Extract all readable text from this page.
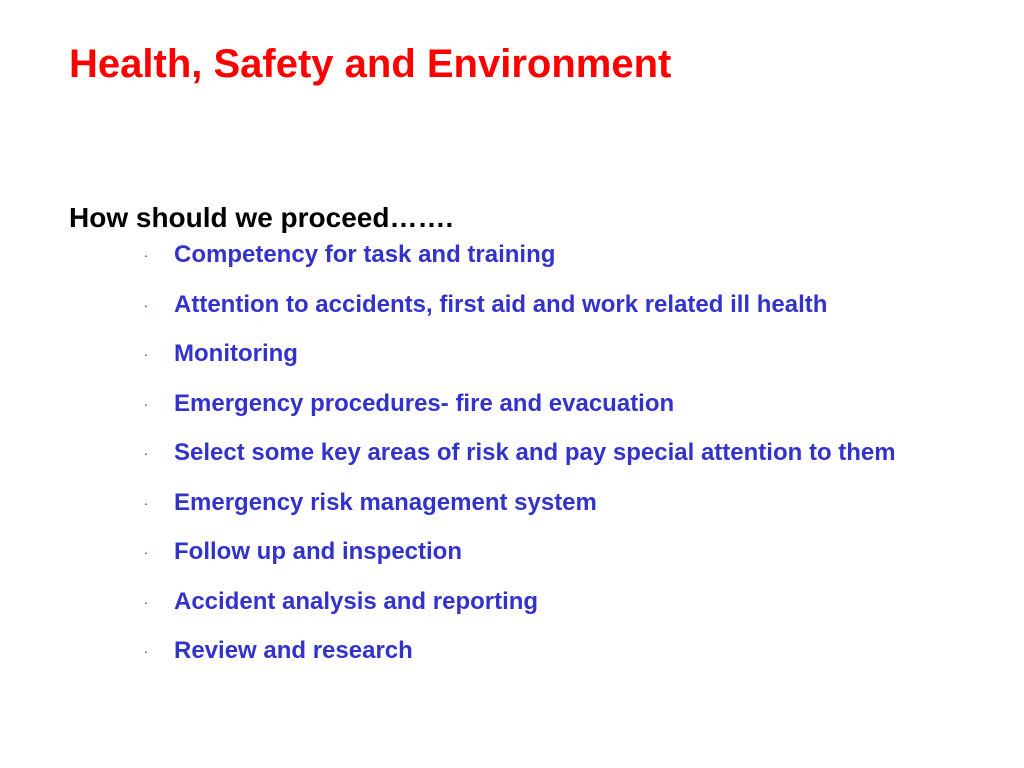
Health, Safety and Environment
How should we proceed…….
· Competency for task and training
· Attention to accidents, first aid and work related ill health
· Monitoring
· Emergency procedures- fire and evacuation
· Select some key areas of risk and pay special attention to them
· Emergency risk management system
· Follow up and inspection
· Accident analysis and reporting
· Review and research
